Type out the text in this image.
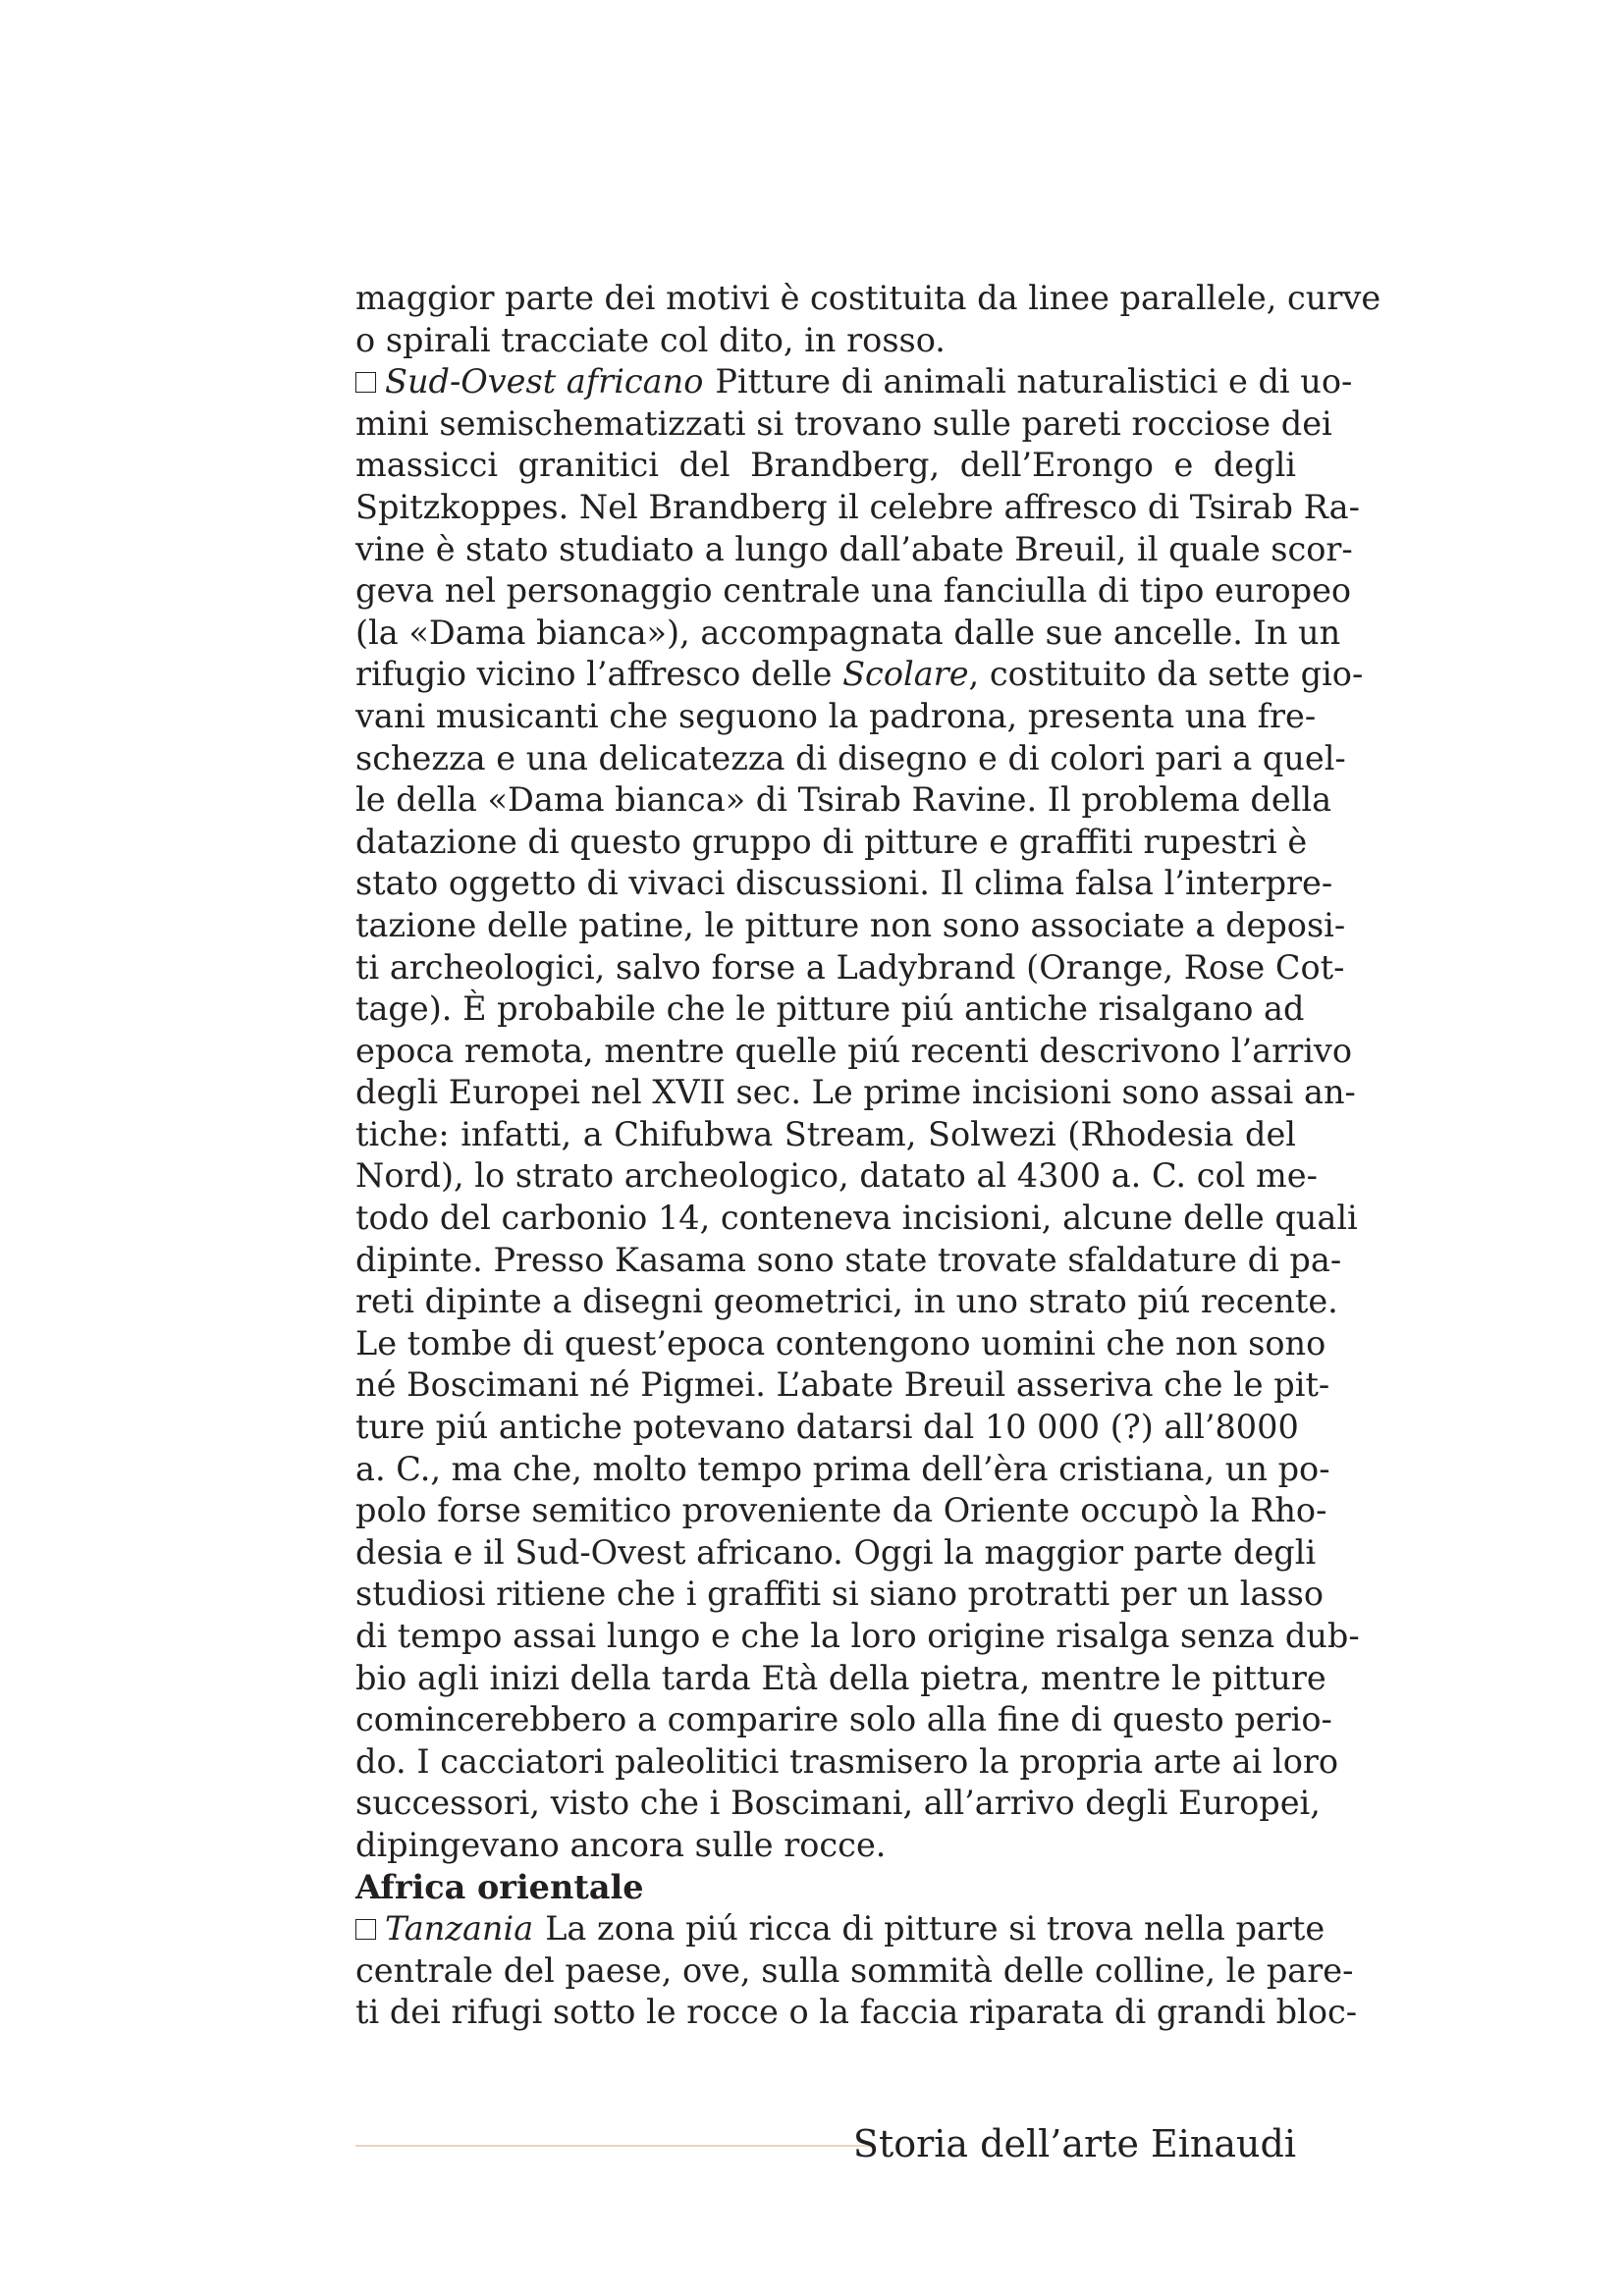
maggior parte dei motivi è costituita da linee parallele, curve
o spirali tracciate col dito, in rosso.
Sud-Ovest africano Pitture di animali naturalistici e di uo-
mini semischematizzati si trovano sulle pareti rocciose dei
massicci granitici del Brandberg, dell’Erongo e degli
Spitzkoppes. Nel Brandberg il celebre affresco di Tsirab Ra-
vine è stato studiato a lungo dall’abate Breuil, il quale scor-
geva nel personaggio centrale una fanciulla di tipo europeo
(la «Dama bianca»), accompagnata dalle sue ancelle. In un
rifugio vicino l’affresco delle Scolare, costituito da sette gio-
vani musicanti che seguono la padrona, presenta una fre-
schezza e una delicatezza di disegno e di colori pari a quel-
le della «Dama bianca» di Tsirab Ravine. Il problema della
datazione di questo gruppo di pitture e graffiti rupestri è
stato oggetto di vivaci discussioni. Il clima falsa l’interpre-
tazione delle patine, le pitture non sono associate a deposi-
ti archeologici, salvo forse a Ladybrand (Orange, Rose Cot-
tage). È probabile che le pitture piú antiche risalgano ad
epoca remota, mentre quelle piú recenti descrivono l’arrivo
degli Europei nel XVII sec. Le prime incisioni sono assai an-
tiche: infatti, a Chifubwa Stream, Solwezi (Rhodesia del
Nord), lo strato archeologico, datato al 4300 a. C. col me-
todo del carbonio 14, conteneva incisioni, alcune delle quali
dipinte. Presso Kasama sono state trovate sfaldature di pa-
reti dipinte a disegni geometrici, in uno strato piú recente.
Le tombe di quest’epoca contengono uomini che non sono
né Boscimani né Pigmei. L’abate Breuil asseriva che le pit-
ture piú antiche potevano datarsi dal 10 000 (?) all’8000
a. C., ma che, molto tempo prima dell’èra cristiana, un po-
polo forse semitico proveniente da Oriente occupò la Rho-
desia e il Sud-Ovest africano. Oggi la maggior parte degli
studiosi ritiene che i graffiti si siano protratti per un lasso
di tempo assai lungo e che la loro origine risalga senza dub-
bio agli inizi della tarda Età della pietra, mentre le pitture
comincerebbero a comparire solo alla fine di questo perio-
do. I cacciatori paleolitici trasmisero la propria arte ai loro
successori, visto che i Boscimani, all’arrivo degli Europei,
dipingevano ancora sulle rocce.
Africa orientale
Tanzania La zona piú ricca di pitture si trova nella parte
centrale del paese, ove, sulla sommità delle colline, le pare-
ti dei rifugi sotto le rocce o la faccia riparata di grandi bloc-
Storia dell’arte Einaudi
